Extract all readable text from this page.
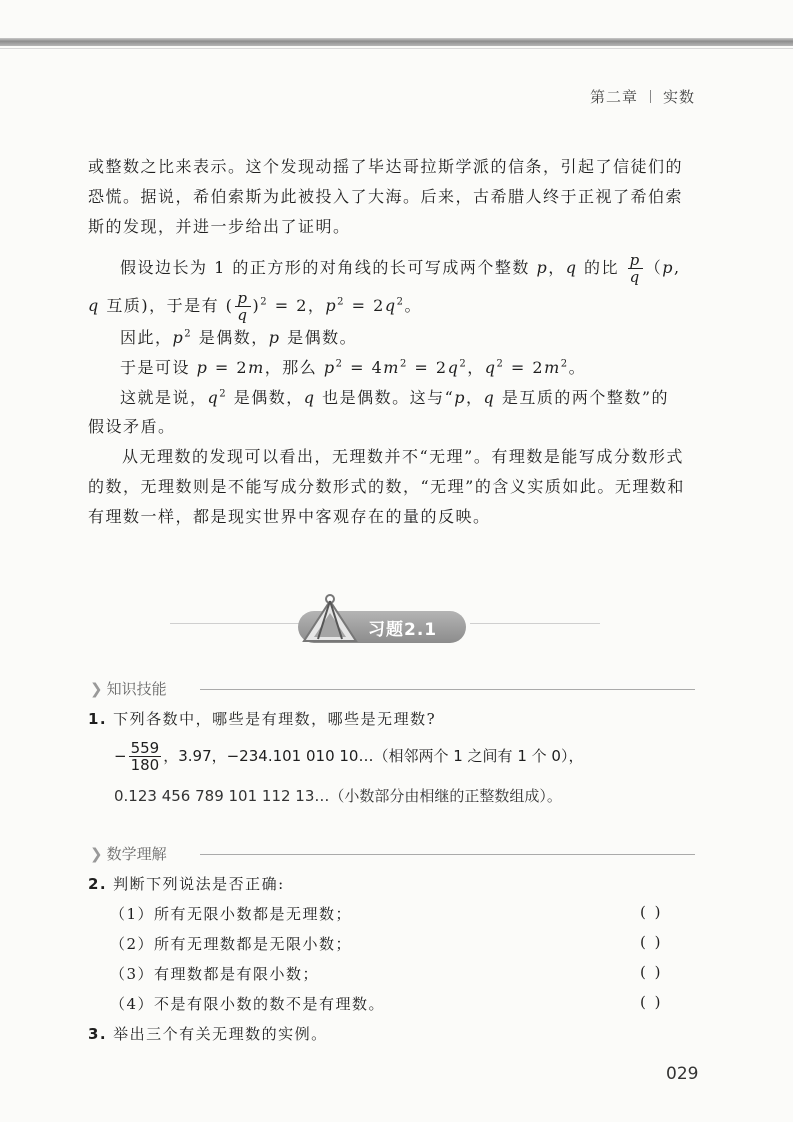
第二章 实数
或整数之比来表示。这个发现动摇了毕达哥拉斯学派的信条，引起了信徒们的恐慌。据说，希伯索斯为此被投入了大海。后来，古希腊人终于正视了希伯索斯的发现，并进一步给出了证明。
假设边长为 1 的正方形的对角线的长可写成两个整数 p，q 的比 $\frac{p}{q} (p$,
q 互质)，于是有 ( $\frac{p}{q} )^2 = 2$，$p^2 = 2q^2$。
因此，$p^2$ 是偶数，p 是偶数。
于是可设 p = 2m，那么 $p^2 = 4m^2 = 2q^2$，$q^2 = 2m^2$。
这就是说，$q^2$ 是偶数，q 也是偶数。这与“p，q 是互质的两个整数”的
假设矛盾。
从无理数的发现可以看出，无理数并不“无理”。有理数是能写成分数形式的数，无理数则是不能写成分数形式的数，“无理”的含义实质如此。无理数和有理数一样，都是现实世界中客观存在的量的反映。
习题2.1
❯ 知识技能
1. 下列各数中，哪些是有理数，哪些是无理数?
− $\frac{559}{180}$ ，3.97，−234.101 010 10…（相邻两个 1 之间有 1 个 0），
0.123 456 789 101 112 13…（小数部分由相继的正整数组成）。
❯ 数学理解
2. 判断下列说法是否正确:
（1）所有无限小数都是无理数；	( )
（2）所有无理数都是无限小数；	( )
（3）有理数都是有限小数；	( )
（4）不是有限小数的数不是有理数。	( )
3. 举出三个有关无理数的实例。
029
